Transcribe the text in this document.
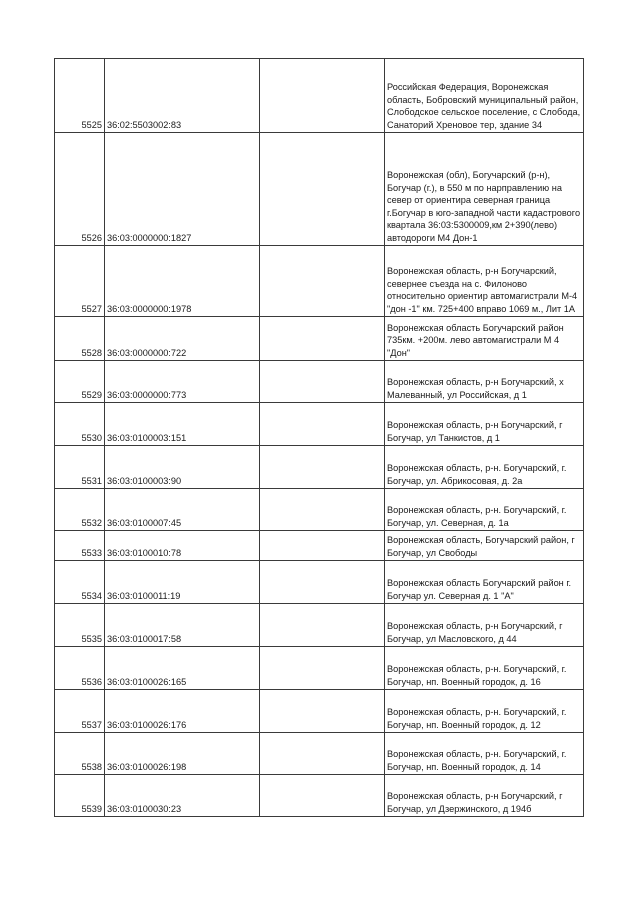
5525	36:02:5503002:83		Российская Федерация, Воронежская область, Бобровский муниципальный район, Слободское сельское поселение, с Слобода, Санаторий Хреновое тер, здание 34
5526	36:03:0000000:1827		Воронежская (обл), Богучарский (р-н), Богучар (г.), в 550 м по нарправлению на север от ориентира северная граница г.Богучар в юго-западной части кадастрового квартала 36:03:5300009,км 2+390(лево) автодороги М4 Дон-1
5527	36:03:0000000:1978		Воронежская область, р-н Богучарский, севернее съезда на с. Филоново относительно ориентир автомагистрали М-4 "дон -1" км. 725+400 вправо 1069 м., Лит 1А
5528	36:03:0000000:722		Воронежская область Богучарский район 735км. +200м. лево автомагистрали М 4 "Дон"
5529	36:03:0000000:773		Воронежская область, р-н Богучарский, х Малеванный, ул Российская, д 1
5530	36:03:0100003:151		Воронежская область, р-н Богучарский, г Богучар, ул Танкистов, д 1
5531	36:03:0100003:90		Воронежская область, р-н. Богучарский, г. Богучар, ул. Абрикосовая, д. 2а
5532	36:03:0100007:45		Воронежская область, р-н. Богучарский, г. Богучар, ул. Северная, д. 1а
5533	36:03:0100010:78		Воронежская область, Богучарский район, г Богучар, ул Свободы
5534	36:03:0100011:19		Воронежская область Богучарский район г. Богучар ул. Северная д. 1 "А"
5535	36:03:0100017:58		Воронежская область, р-н Богучарский, г Богучар, ул Масловского, д 44
5536	36:03:0100026:165		Воронежская область, р-н. Богучарский, г. Богучар, нп. Военный городок, д. 16
5537	36:03:0100026:176		Воронежская область, р-н. Богучарский, г. Богучар, нп. Военный городок, д. 12
5538	36:03:0100026:198		Воронежская область, р-н. Богучарский, г. Богучар, нп. Военный городок, д. 14
5539	36:03:0100030:23		Воронежская область, р-н Богучарский, г Богучар, ул Дзержинского, д 194б
